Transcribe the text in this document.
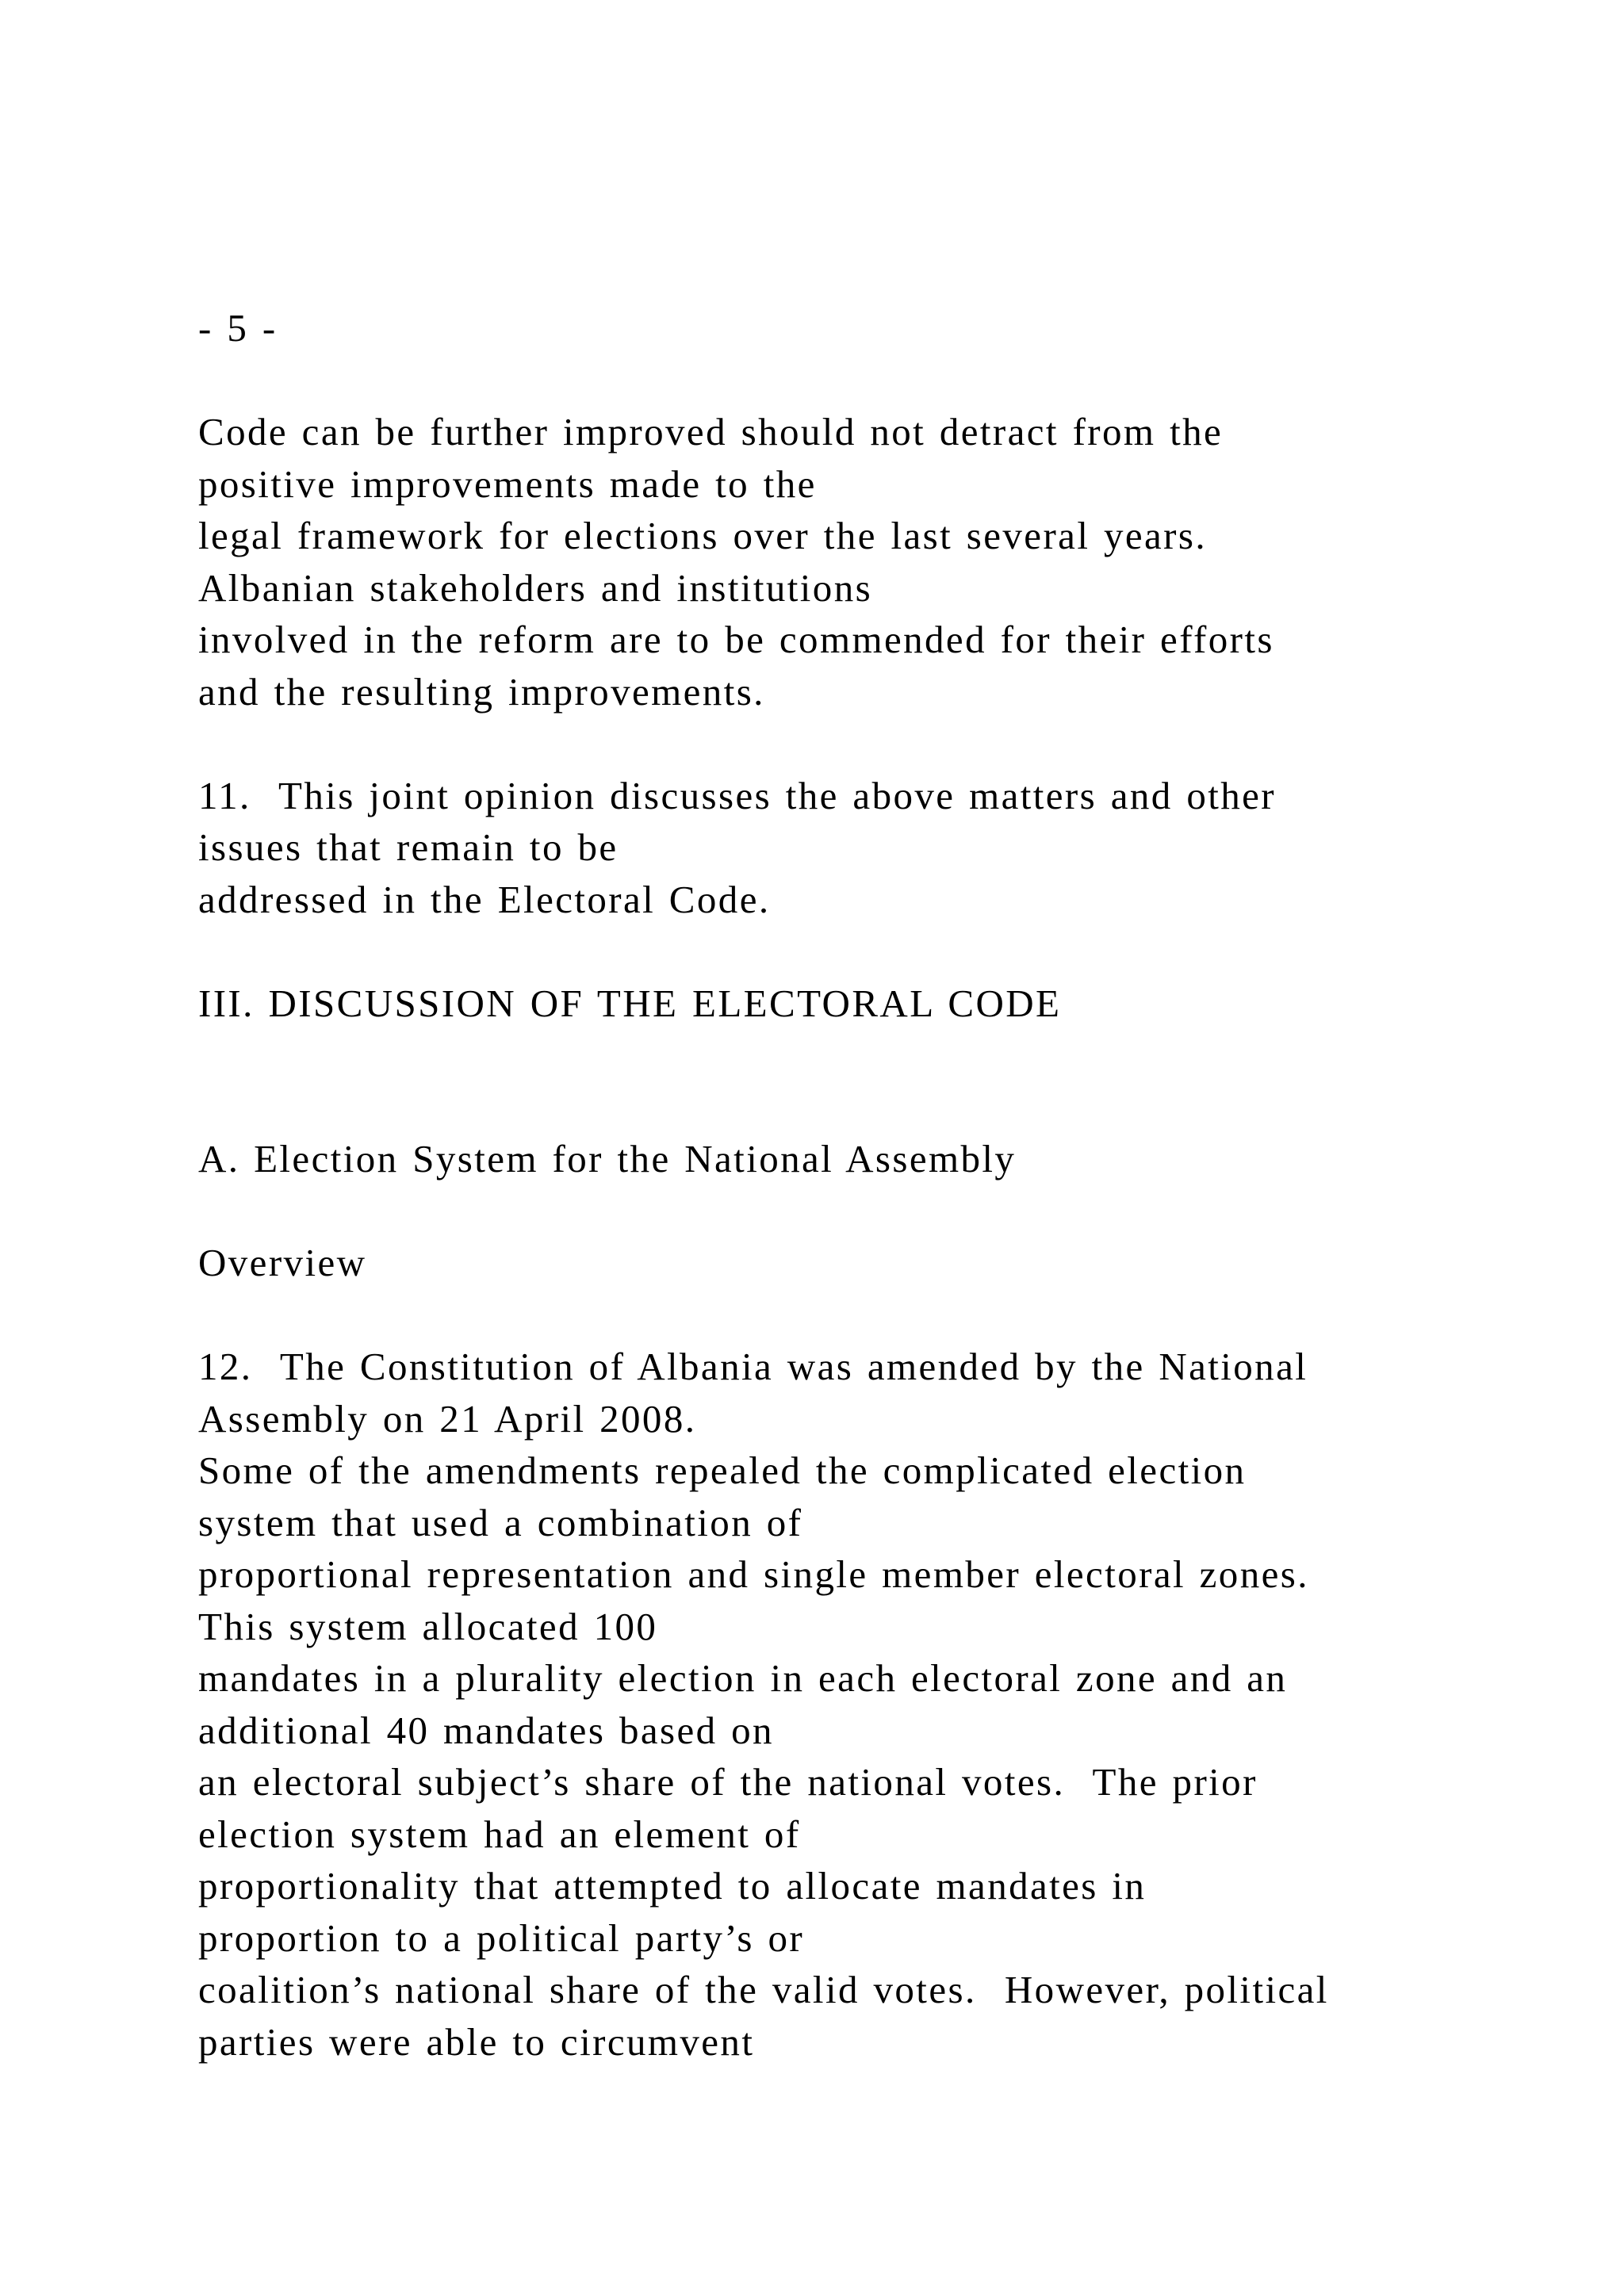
- 5 -
Code can be further improved should not detract from the
positive improvements made to the
legal framework for elections over the last several years.
Albanian stakeholders and institutions
involved in the reform are to be commended for their efforts
and the resulting improvements.
11.  This joint opinion discusses the above matters and other
issues that remain to be
addressed in the Electoral Code.
III. DISCUSSION OF THE ELECTORAL CODE
A. Election System for the National Assembly
Overview
12.  The Constitution of Albania was amended by the National
Assembly on 21 April 2008.
Some of the amendments repealed the complicated election
system that used a combination of
proportional representation and single member electoral zones.
This system allocated 100
mandates in a plurality election in each electoral zone and an
additional 40 mandates based on
an electoral subject’s share of the national votes.  The prior
election system had an element of
proportionality that attempted to allocate mandates in
proportion to a political party’s or
coalition’s national share of the valid votes.  However, political
parties were able to circumvent
